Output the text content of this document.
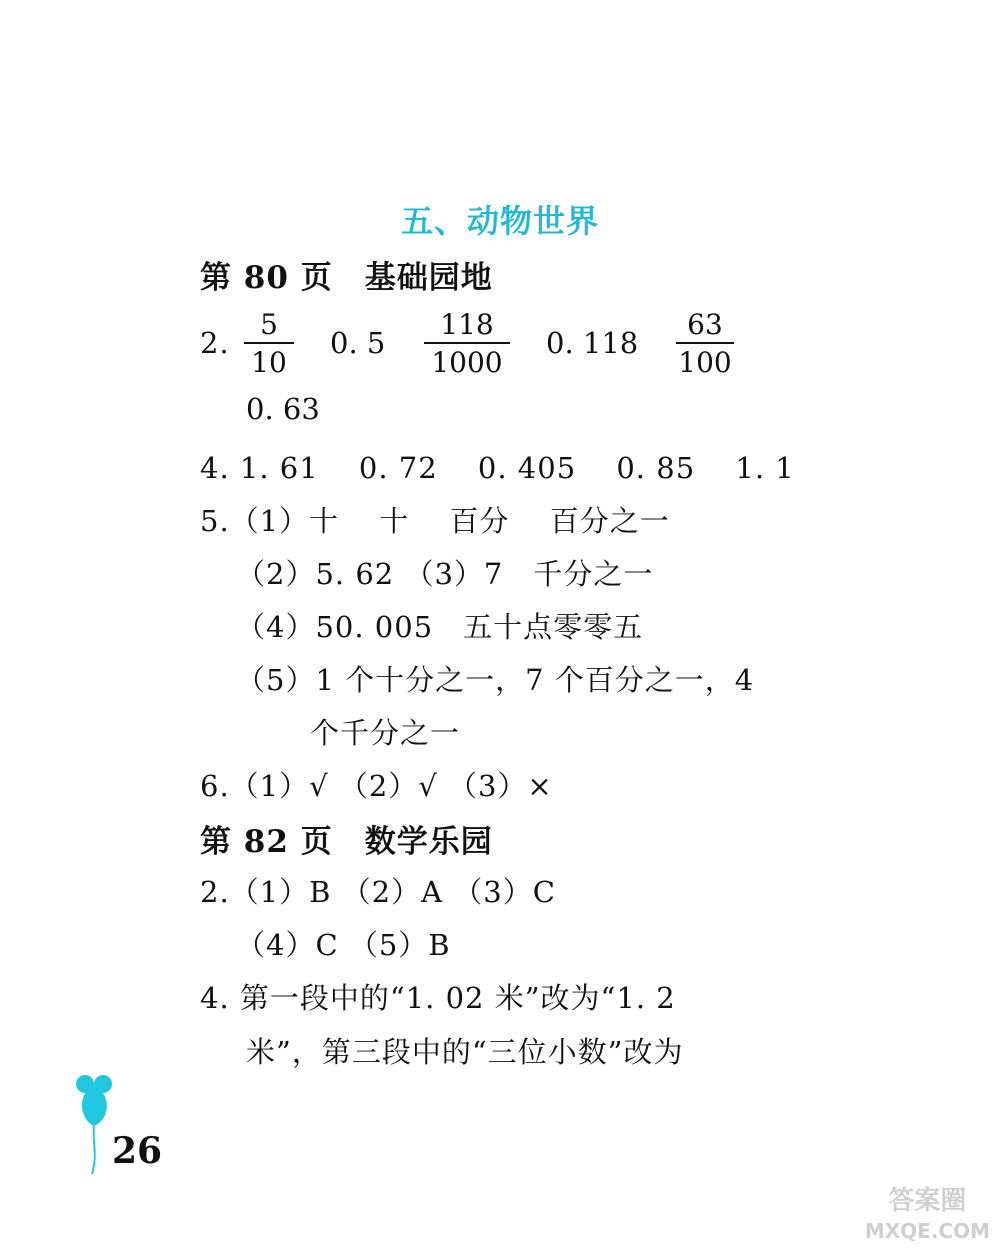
五、动物世界
第 80 页　基础园地
2.
5
10
0. 5
118
1000
0. 118
63
100
0. 63
4. 1. 61　 0. 72　 0. 405　 0. 85　 1. 1
5.（1）十　 十　 百分　 百分之一
（2）5. 62 （3）7　千分之一
（4）50. 005　五十点零零五
（5）1 个十分之一，7 个百分之一，4
个千分之一
6.（1）√ （2）√ （3）×
第 82 页　数学乐园
2.（1）B （2）A （3）C
（4）C （5）B
4. 第一段中的“1. 02 米”改为“1. 2
米”，第三段中的“三位小数”改为
26
答案圈
MXQE.COM
